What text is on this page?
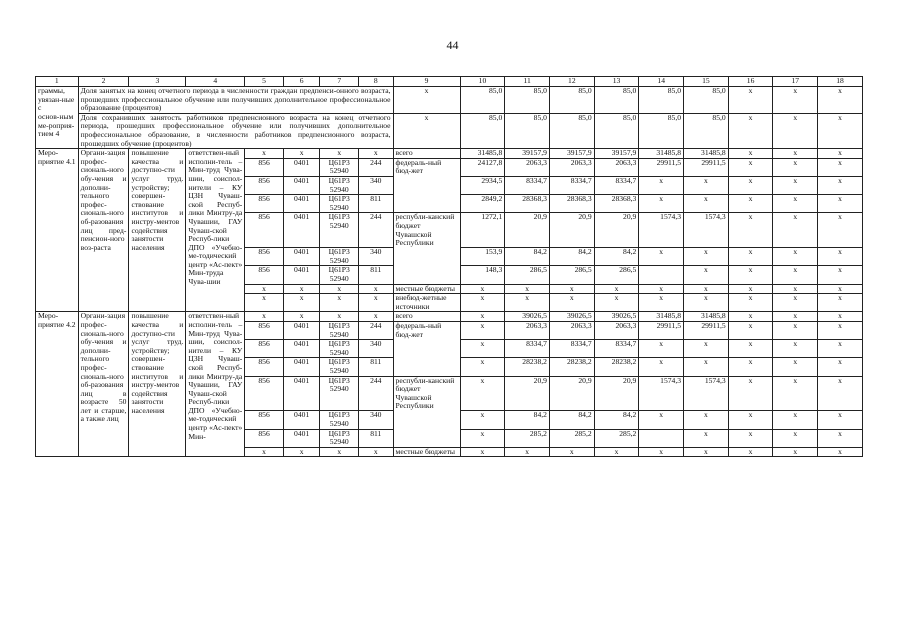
44
1	2	3	4	5	6	7	8	9	10	11	12	13	14	15	16	17	18
граммы, увязан-ные с	Доля занятых на конец отчетного периода в численности граждан предпенси-онного возраста, прошедших профессиональное обучение или получивших дополнительное профессиональное образование (процентов)							x	85,0	85,0	85,0	85,0	85,0	85,0	x	x	x
основ-ным ме-роприя-тием 4	Доля сохранивших занятость работников предпенсионного возраста на конец отчетного периода, прошедших профессиональное обучение или получивших дополнительное профессиональное образование, в численности работников предпенсионного возраста, прошедших обучение (процентов)							x	85,0	85,0	85,0	85,0	85,0	85,0	x	x	x
Меро-приятие 4.1	Органи-зация профес-сиональ-ного обу-чения и дополни-тельного профес-сиональ-ного об-разования лиц пред-пенсион-ного воз-раста	повышение качества и доступно-сти услуг труд. устройству; совершен-ствование институтов и инстру-ментов содействия занятости населения	ответствен-ный исполни-тель – Мин-труд Чува-шии, соиспол-нители – КУ ЦЗН Чуваш-ской Респуб-лики Минтру-да Чувашии, ГАУ Чуваш-ской Респуб-лики ДПО «Учебно-ме-тодический центр «Ас-пект» Мин-труда Чува-шии	x	x	x	x	всего	31485,8	39157,9	39157,9	39157,9	31485,8	31485,8	x	x	x
				856	0401	Ц61Р3 52940	244	федераль-ный бюд-жет	24127,8	2063,3	2063,3	2063,3	29911,5	29911,5	x	x	x
				856	0401	Ц61Р3 52940	340		2934,5	8334,7	8334,7	8334,7	x	x	x	x	x
				856	0401	Ц61Р3 52940	811		2849,2	28368,3	28368,3	28368,3	x	x	x	x	x
				856	0401	Ц61Р3 52940	244	республи-канский бюджет Чувашской Республики	1272,1	20,9	20,9	20,9	1574,3	1574,3	x	x	x
				856	0401	Ц61Р3 52940	340		153,9	84,2	84,2	84,2	x	x	x	x	x
				856	0401	Ц61Р3 52940	811		148,3	286,5	286,5	286,5		x	x	x	x
				x	x	x	x	местные бюджеты	x	x	x	x	x	x	x	x	x
				x	x	x	x	внебюд-жетные источники	x	x	x	x	x	x	x	x	x
Меро-приятие 4.2	Органи-зация профес-сиональ-ного обу-чения и дополни-тельного профес-сиональ-ного об-разования лиц в возрасте 50 лет и старше, а также лиц	повышение качества и доступно-сти услуг труд. устройству; совершен-ствование институтов и инстру-ментов содействия занятости населения	ответствен-ный исполни-тель – Мин-труд Чува-шии, соиспол-нители – КУ ЦЗН Чуваш-ской Респуб-лики Минтру-да Чувашии, ГАУ Чуваш-ской Респуб-лики ДПО «Учебно-ме-тодический центр «Ас-пект» Мин-	x	x	x	x	всего	x	39026,5	39026,5	39026,5	31485,8	31485,8	x	x	x
				856	0401	Ц61Р3 52940	244	федераль-ный бюд-жет	x	2063,3	2063,3	2063,3	29911,5	29911,5	x	x	x
				856	0401	Ц61Р3 52940	340		x	8334,7	8334,7	8334,7	x	x	x	x	x
				856	0401	Ц61Р3 52940	811		x	28238,2	28238,2	28238,2	x	x	x	x	x
				856	0401	Ц61Р3 52940	244	республи-канский бюджет Чувашской Республики	x	20,9	20,9	20,9	1574,3	1574,3	x	x	x
				856	0401	Ц61Р3 52940	340		x	84,2	84,2	84,2	x	x	x	x	x
				856	0401	Ц61Р3 52940	811		x	285,2	285,2	285,2		x	x	x	x
				x	x	x	x	местные бюджеты	x	x	x	x	x	x	x	x	x
